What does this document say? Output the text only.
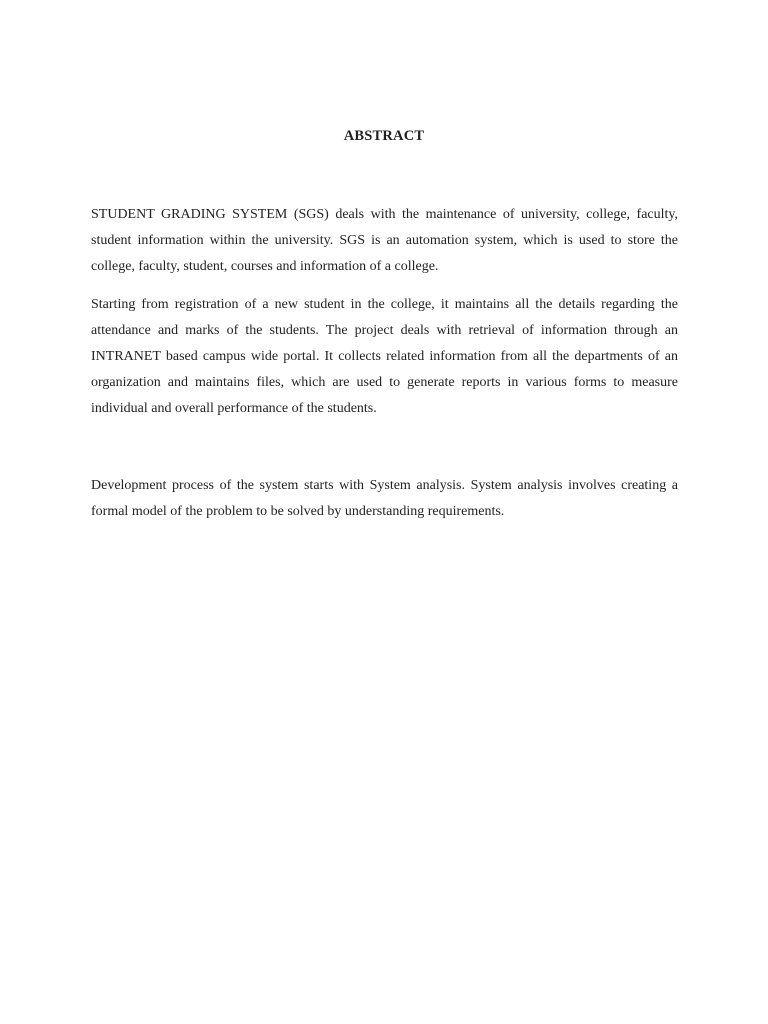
ABSTRACT

STUDENT GRADING SYSTEM (SGS) deals with the maintenance of university, college, faculty, student information within the university. SGS is an automation system, which is used to store the college, faculty, student, courses and information of a college.

Starting from registration of a new student in the college, it maintains all the details regarding the attendance and marks of the students. The project deals with retrieval of information through an INTRANET based campus wide portal. It collects related information from all the departments of an organization and maintains files, which are used to generate reports in various forms to measure individual and overall performance of the students.

Development process of the system starts with System analysis. System analysis involves creating a formal model of the problem to be solved by understanding requirements.
